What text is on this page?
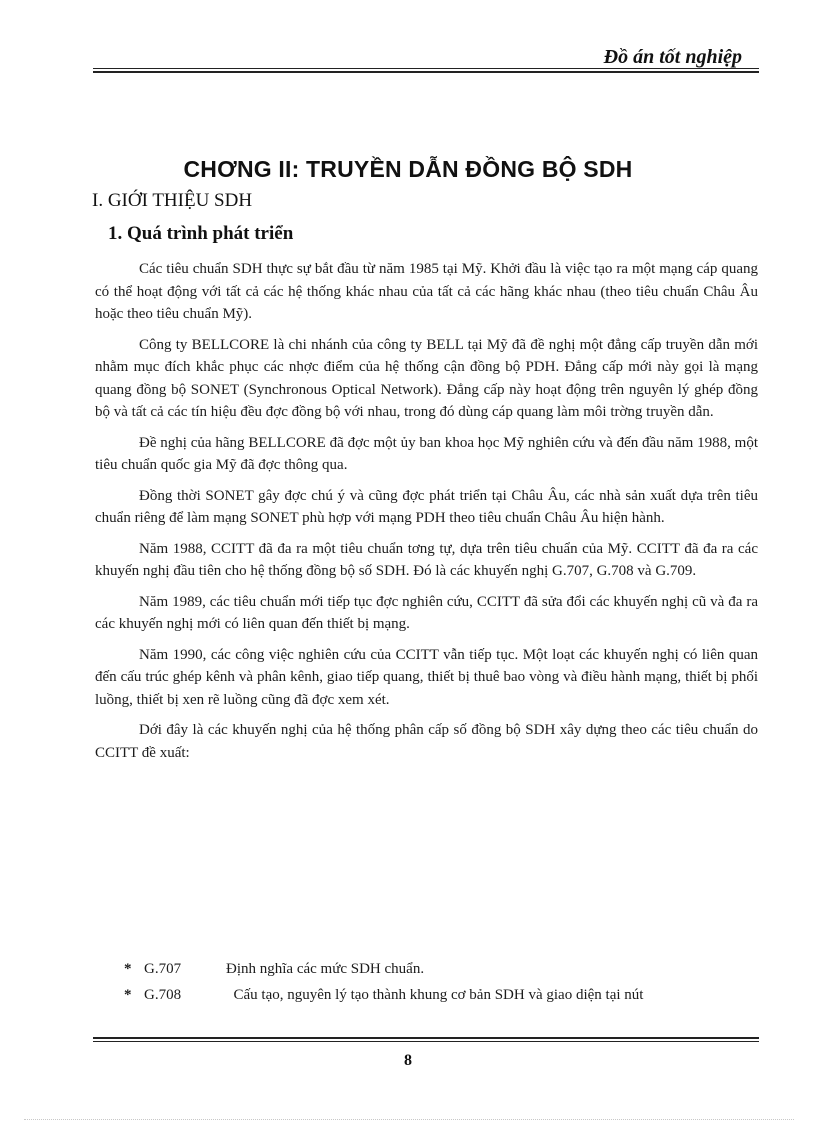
Đồ án tốt nghiệp
CHƠNG II: TRUYỀN DẪN ĐỒNG BỘ SDH
I. GIỚI THIỆU SDH
1. Quá trình phát triển

Các tiêu chuẩn SDH thực sự bắt đầu từ năm 1985 tại Mỹ. Khởi đầu là việc tạo ra một mạng cáp quang có thể hoạt động với tất cả các hệ thống khác nhau của tất cả các hãng khác nhau (theo tiêu chuẩn Châu Âu hoặc theo tiêu chuẩn Mỹ).

Công ty BELLCORE là chi nhánh của công ty BELL tại Mỹ đã đề nghị một đẳng cấp truyền dẫn mới nhằm mục đích khắc phục các nhợc điểm của hệ thống cận đồng bộ PDH. Đẳng cấp mới này gọi là mạng quang đồng bộ SONET (Synchronous Optical Network). Đẳng cấp này hoạt động trên nguyên lý ghép đồng bộ và tất cả các tín hiệu đều đợc đồng bộ với nhau, trong đó dùng cáp quang làm môi trờng truyền dẫn.

Đề nghị của hãng BELLCORE đã đợc một ủy ban khoa học Mỹ nghiên cứu và đến đầu năm 1988, một tiêu chuẩn quốc gia Mỹ đã đợc thông qua.

Đồng thời SONET gây đợc chú ý và cũng đợc phát triển tại Châu Âu, các nhà sản xuất dựa trên tiêu chuẩn riêng để làm mạng SONET phù hợp với mạng PDH theo tiêu chuẩn Châu Âu hiện hành.

Năm 1988, CCITT đã đa ra một tiêu chuẩn tơng tự, dựa trên tiêu chuẩn của Mỹ. CCITT đã đa ra các khuyến nghị đầu tiên cho hệ thống đồng bộ số SDH. Đó là các khuyến nghị G.707, G.708 và G.709.

Năm 1989, các tiêu chuẩn mới tiếp tục đợc nghiên cứu, CCITT đã sửa đổi các khuyến nghị cũ và đa ra các khuyến nghị mới có liên quan đến thiết bị mạng.

Năm 1990, các công việc nghiên cứu của CCITT vẫn tiếp tục. Một loạt các khuyến nghị có liên quan đến cấu trúc ghép kênh và phân kênh, giao tiếp quang, thiết bị thuê bao vòng và điều hành mạng, thiết bị phối luồng, thiết bị xen rẽ luồng cũng đã đợc xem xét.

Dới đây là các khuyến nghị của hệ thống phân cấp số đồng bộ SDH xây dựng theo các tiêu chuẩn do CCITT đề xuất:

* G.707	Định nghĩa các mức SDH chuẩn.
* G.708	Cấu tạo, nguyên lý tạo thành khung cơ bản SDH và giao diện tại nút
8
